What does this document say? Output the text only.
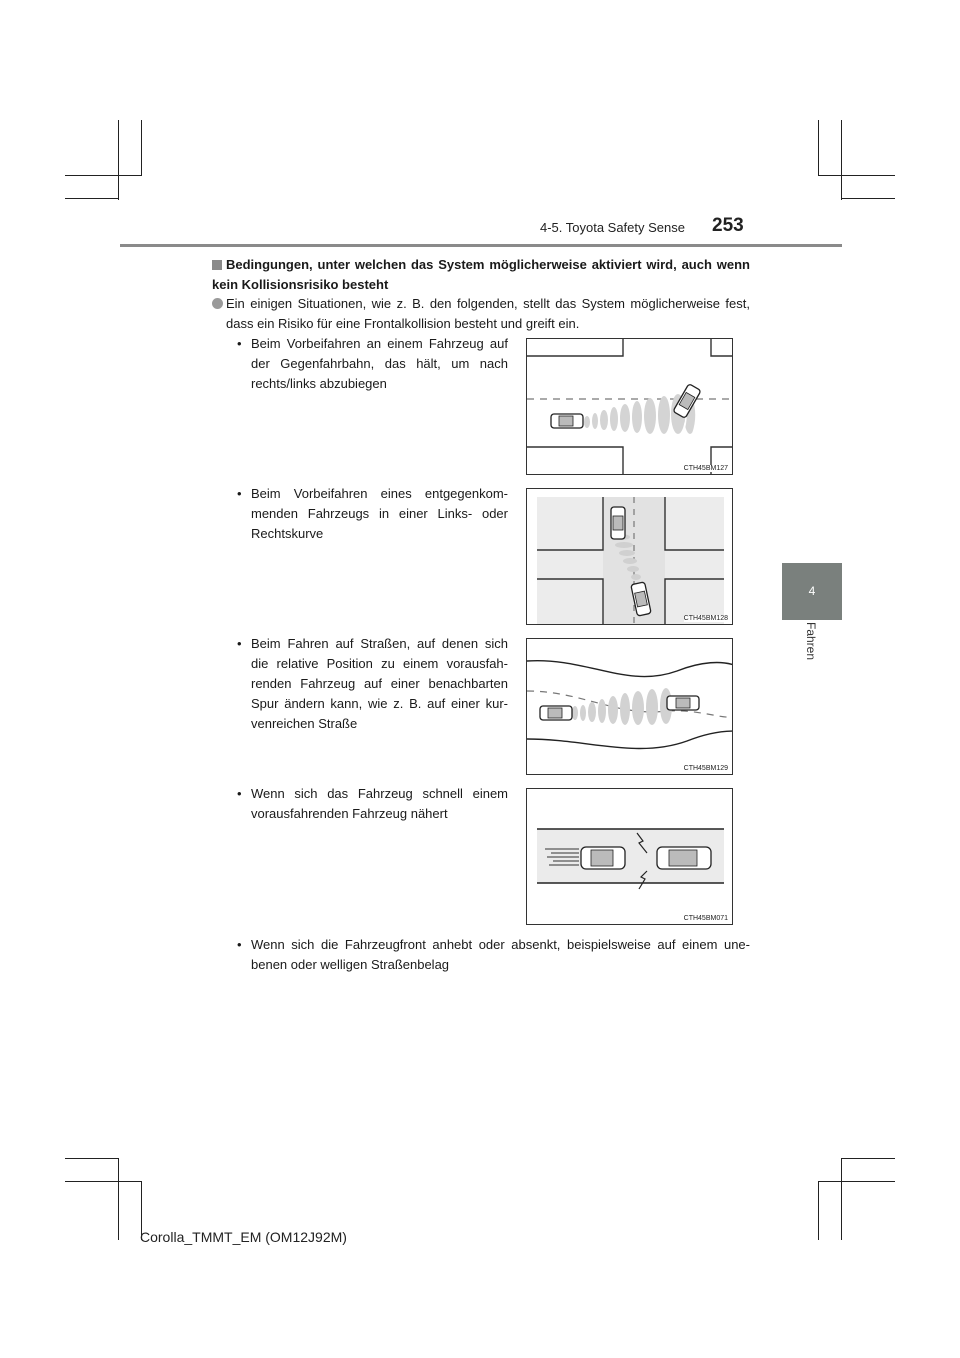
4-5. Toyota Safety Sense 253
4
Fahren
Bedingungen, unter welchen das System möglicherweise aktiviert wird, auch wenn kein Kollisionsrisiko besteht
Ein einigen Situationen, wie z. B. den folgenden, stellt das System möglicherweise fest, dass ein Risiko für eine Frontalkollision besteht und greift ein.
• Beim Vorbeifahren an einem Fahrzeug auf der Gegenfahrbahn, das hält, um nach rechts/links abzubiegen
• Beim Vorbeifahren eines entgegenkom-menden Fahrzeugs in einer Links- oder Rechtskurve
• Beim Fahren auf Straßen, auf denen sich die relative Position zu einem vorausfah-renden Fahrzeug auf einer benachbarten Spur ändern kann, wie z. B. auf einer kur-venreichen Straße
• Wenn sich das Fahrzeug schnell einem vorausfahrenden Fahrzeug nähert
• Wenn sich die Fahrzeugfront anhebt oder absenkt, beispielsweise auf einem une-benen oder welligen Straßenbelag
CTH45BM127
CTH45BM128
CTH45BM129
CTH45BM071
Corolla_TMMT_EM (OM12J92M)
